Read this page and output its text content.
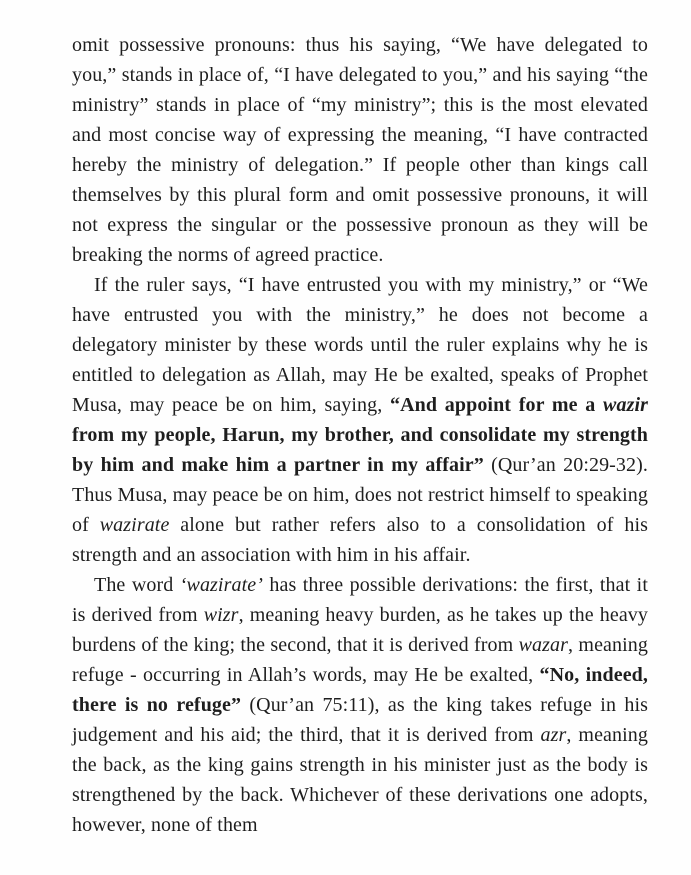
omit possessive pronouns: thus his saying, “We have delegated to you,” stands in place of, “I have delegated to you,” and his saying “the ministry” stands in place of “my ministry”; this is the most elevated and most concise way of expressing the meaning, “I have contracted hereby the ministry of delegation.” If people other than kings call themselves by this plural form and omit possessive pronouns, it will not express the singular or the possessive pronoun as they will be breaking the norms of agreed practice.

If the ruler says, “I have entrusted you with my ministry,” or “We have entrusted you with the ministry,” he does not become a delegatory minister by these words until the ruler explains why he is entitled to delegation as Allah, may He be exalted, speaks of Prophet Musa, may peace be on him, saying, “And appoint for me a wazir from my people, Harun, my brother, and consolidate my strength by him and make him a partner in my affair” (Qur’an 20:29-32). Thus Musa, may peace be on him, does not restrict himself to speaking of wazirate alone but rather refers also to a consolidation of his strength and an association with him in his affair.

The word ‘wazirate’ has three possible derivations: the first, that it is derived from wizr, meaning heavy burden, as he takes up the heavy burdens of the king; the second, that it is derived from wazar, meaning refuge - occurring in Allah’s words, may He be exalted, “No, indeed, there is no refuge” (Qur’an 75:11), as the king takes refuge in his judgement and his aid; the third, that it is derived from azr, meaning the back, as the king gains strength in his minister just as the body is strengthened by the back. Whichever of these derivations one adopts, however, none of them
